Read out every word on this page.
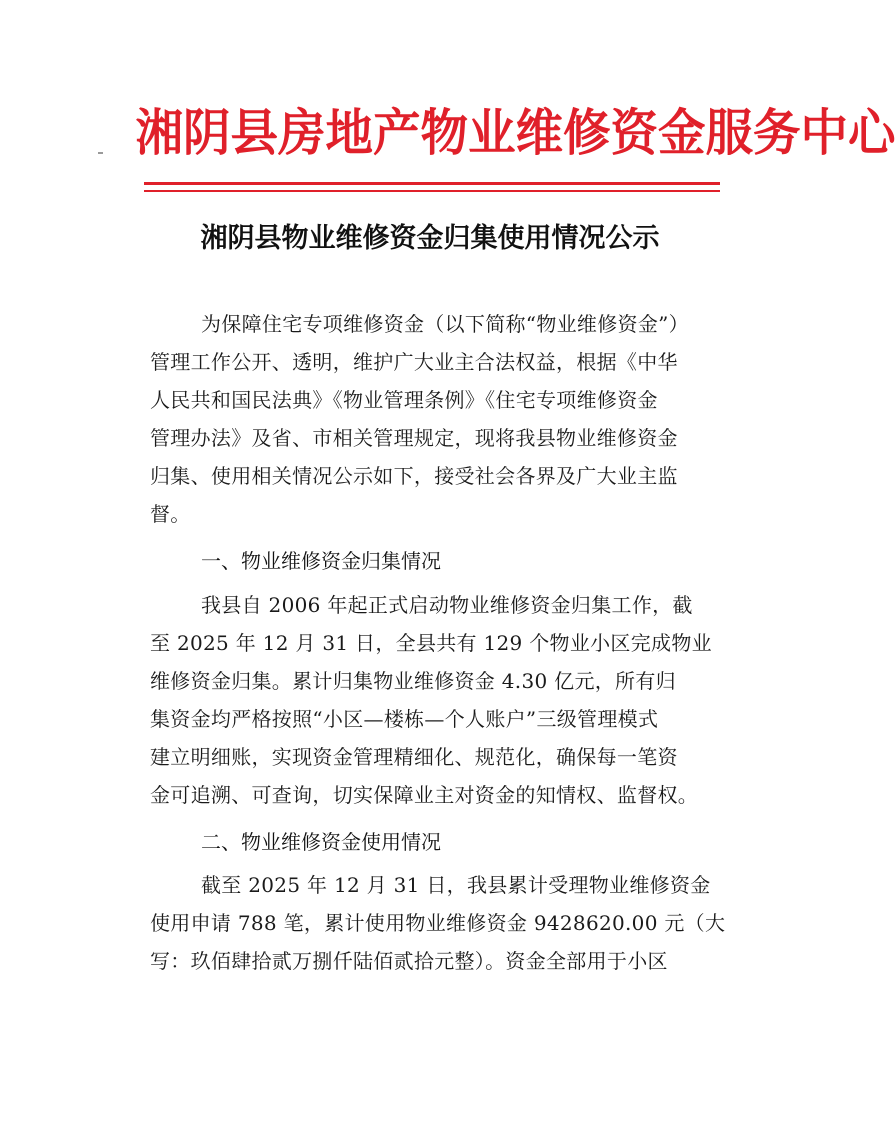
湘阴县房地产物业维修资金服务中心
湘阴县物业维修资金归集使用情况公示
为保障住宅专项维修资金（以下简称“物业维修资金”）
管理工作公开、透明，维护广大业主合法权益，根据《中华
人民共和国民法典》《物业管理条例》《住宅专项维修资金
管理办法》及省、市相关管理规定，现将我县物业维修资金
归集、使用相关情况公示如下，接受社会各界及广大业主监
督。
一、物业维修资金归集情况
我县自 2006 年起正式启动物业维修资金归集工作，截
至 2025 年 12 月 31 日，全县共有 129 个物业小区完成物业
维修资金归集。累计归集物业维修资金 4.30 亿元，所有归
集资金均严格按照“小区—楼栋—个人账户”三级管理模式
建立明细账，实现资金管理精细化、规范化，确保每一笔资
金可追溯、可查询，切实保障业主对资金的知情权、监督权。
二、物业维修资金使用情况
截至 2025 年 12 月 31 日，我县累计受理物业维修资金
使用申请 788 笔，累计使用物业维修资金 9428620.00 元（大
写：玖佰肆拾贰万捌仟陆佰贰拾元整）。资金全部用于小区
